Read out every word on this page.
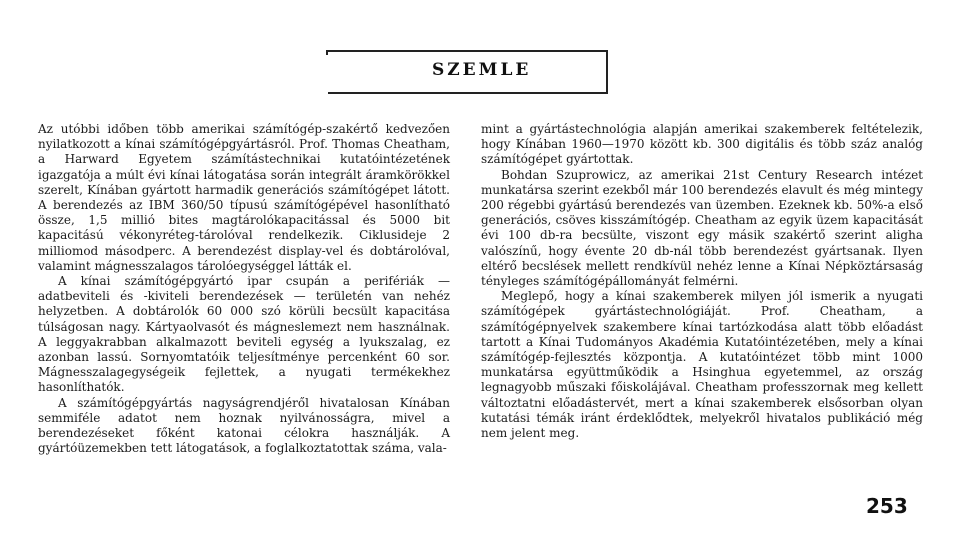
SZEMLE

Az utóbbi időben több amerikai számítógép-szakértő kedvezően nyilatkozott a kínai számítógépgyártásról. Prof. Thomas Cheatham, a Harward Egyetem számítástechnikai kutatóintézetének igazgatója a múlt évi kínai látogatása során integrált áramkörökkel szerelt, Kínában gyártott harmadik generációs számítógépet látott. A berendezés az IBM 360/50 típusú számítógépével hasonlítható össze, 1,5 millió bites magtárolókapacitással és 5000 bit kapacitású vékonyréteg-tárolóval rendelkezik. Ciklusideje 2 milliomod másodperc. A berendezést display-vel és dobtárolóval, valamint mágnesszalagos tárolóegységgel látták el.

A kínai számítógépgyártó ipar csupán a perifériák — adatbeviteli és -kiviteli berendezések — területén van nehéz helyzetben. A dobtárolók 60 000 szó körüli becsült kapacitása túlságosan nagy. Kártyaolvasót és mágneslemezt nem használnak. A leggyakrabban alkalmazott beviteli egység a lyukszalag, ez azonban lassú. Sornyomtatóik teljesítménye percenként 60 sor. Mágnesszalagegységeik fejlettek, a nyugati termékekhez hasonlíthatók.

A számítógépgyártás nagyságrendjéről hivatalosan Kínában semmiféle adatot nem hoznak nyilvánosságra, mivel a berendezéseket főként katonai célokra használják. A gyártóüzemekben tett látogatások, a foglalkoztatottak száma, vala-

mint a gyártástechnológia alapján amerikai szakemberek feltételezik, hogy Kínában 1960—1970 között kb. 300 digitális és több száz analóg számítógépet gyártottak.

Bohdan Szuprowicz, az amerikai 21st Century Research intézet munkatársa szerint ezekből már 100 berendezés elavult és még mintegy 200 régebbi gyártású berendezés van üzemben. Ezeknek kb. 50%-a első generációs, csöves kisszámítógép. Cheatham az egyik üzem kapacitását évi 100 db-ra becsülte, viszont egy másik szakértő szerint aligha valószínű, hogy évente 20 db-nál több berendezést gyártsanak. Ilyen eltérő becslések mellett rendkívül nehéz lenne a Kínai Népköztársaság tényleges számítógépállományát felmérni.

Meglepő, hogy a kínai szakemberek milyen jól ismerik a nyugati számítógépek gyártástechnológiáját. Prof. Cheatham, a számítógépnyelvek szakembere kínai tartózkodása alatt több előadást tartott a Kínai Tudományos Akadémia Kutatóintézetében, mely a kínai számítógép-fejlesztés központja. A kutatóintézet több mint 1000 munkatársa együttműködik a Hsinghua egyetemmel, az ország legnagyobb műszaki főiskolájával. Cheatham professzornak meg kellett változtatni előadástervét, mert a kínai szakemberek elsősorban olyan kutatási témák iránt érdeklődtek, melyekről hivatalos publikáció még nem jelent meg.

253
